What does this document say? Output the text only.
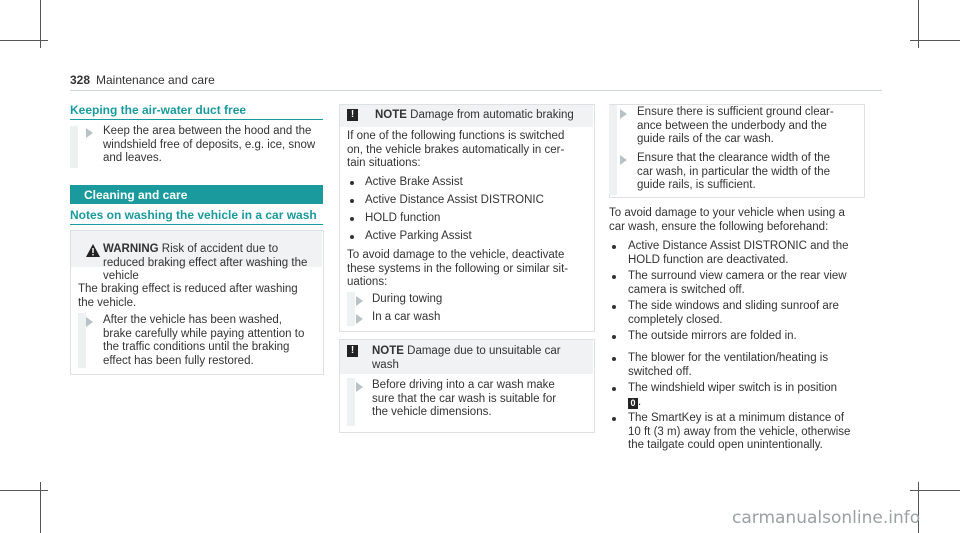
328 Maintenance and care
Keeping the air-water duct free
Keep the area between the hood and the
windshield free of deposits, e.g. ice, snow
and leaves.
Cleaning and care
Notes on washing the vehicle in a car wash
WARNING Risk of accident due to
reduced braking effect after washing the
vehicle
The braking effect is reduced after washing
the vehicle.
After the vehicle has been washed,
brake carefully while paying attention to
the traffic conditions until the braking
effect has been fully restored.
!	NOTE Damage from automatic braking
If one of the following functions is switched
on, the vehicle brakes automatically in cer-
tain situations:
Active Brake Assist
Active Distance Assist DISTRONIC
HOLD function
Active Parking Assist
To avoid damage to the vehicle, deactivate
these systems in the following or similar sit-
uations:
During towing
In a car wash
!	NOTE Damage due to unsuitable car
wash
Before driving into a car wash make
sure that the car wash is suitable for
the vehicle dimensions.
Ensure there is sufficient ground clear-
ance between the underbody and the
guide rails of the car wash.
Ensure that the clearance width of the
car wash, in particular the width of the
guide rails, is sufficient.
To avoid damage to your vehicle when using a
car wash, ensure the following beforehand:
Active Distance Assist DISTRONIC and the
HOLD function are deactivated.
The surround view camera or the rear view
camera is switched off.
The side windows and sliding sunroof are
completely closed.
The outside mirrors are folded in.
The blower for the ventilation/heating is
switched off.
The windshield wiper switch is in position
0 .
The SmartKey is at a minimum distance of
10 ft (3 m) away from the vehicle, otherwise
the tailgate could open unintentionally.
carmanualsonline.info
